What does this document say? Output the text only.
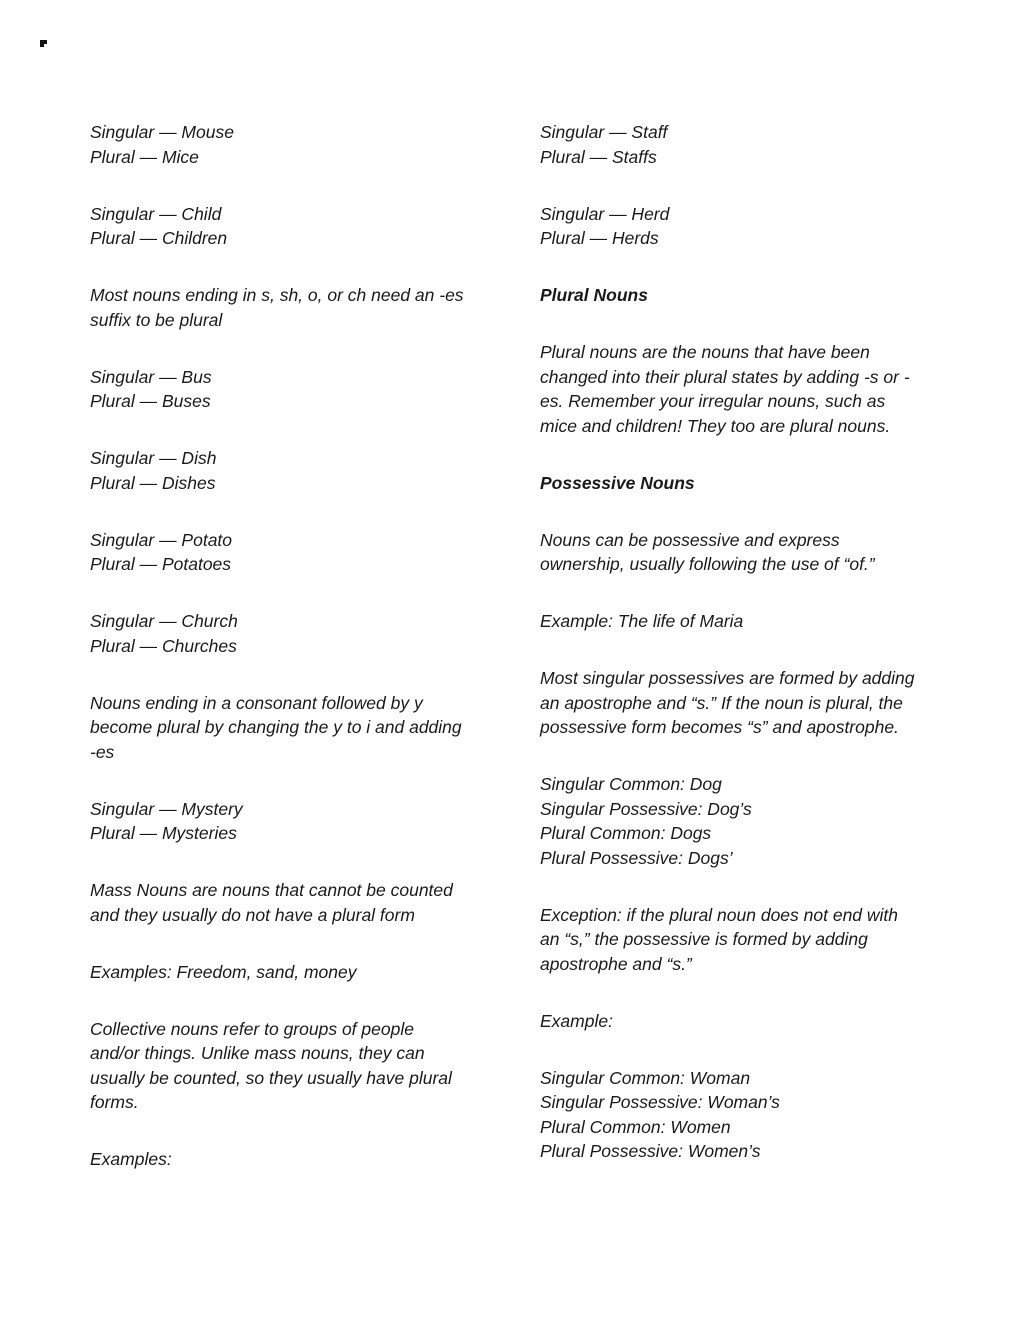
Singular — Mouse
Plural — Mice
Singular — Child
Plural — Children
Most nouns ending in s, sh, o, or ch need an -es
suffix to be plural
Singular — Bus
Plural — Buses
Singular — Dish
Plural — Dishes
Singular — Potato
Plural — Potatoes
Singular — Church
Plural — Churches
Nouns ending in a consonant followed by y
become plural by changing the y to i and adding
-es
Singular — Mystery
Plural — Mysteries
Mass Nouns are nouns that cannot be counted
and they usually do not have a plural form
Examples: Freedom, sand, money
Collective nouns refer to groups of people
and/or things. Unlike mass nouns, they can
usually be counted, so they usually have plural
forms.
Examples:
Singular — Staff
Plural — Staffs
Singular — Herd
Plural — Herds
Plural Nouns
Plural nouns are the nouns that have been
changed into their plural states by adding -s or -
es. Remember your irregular nouns, such as
mice and children! They too are plural nouns.
Possessive Nouns
Nouns can be possessive and express
ownership, usually following the use of “of.”
Example: The life of Maria
Most singular possessives are formed by adding
an apostrophe and “s.” If the noun is plural, the
possessive form becomes “s” and apostrophe.
Singular Common: Dog
Singular Possessive: Dog’s
Plural Common: Dogs
Plural Possessive: Dogs’
Exception: if the plural noun does not end with
an “s,” the possessive is formed by adding
apostrophe and “s.”
Example:
Singular Common: Woman
Singular Possessive: Woman’s
Plural Common: Women
Plural Possessive: Women’s
